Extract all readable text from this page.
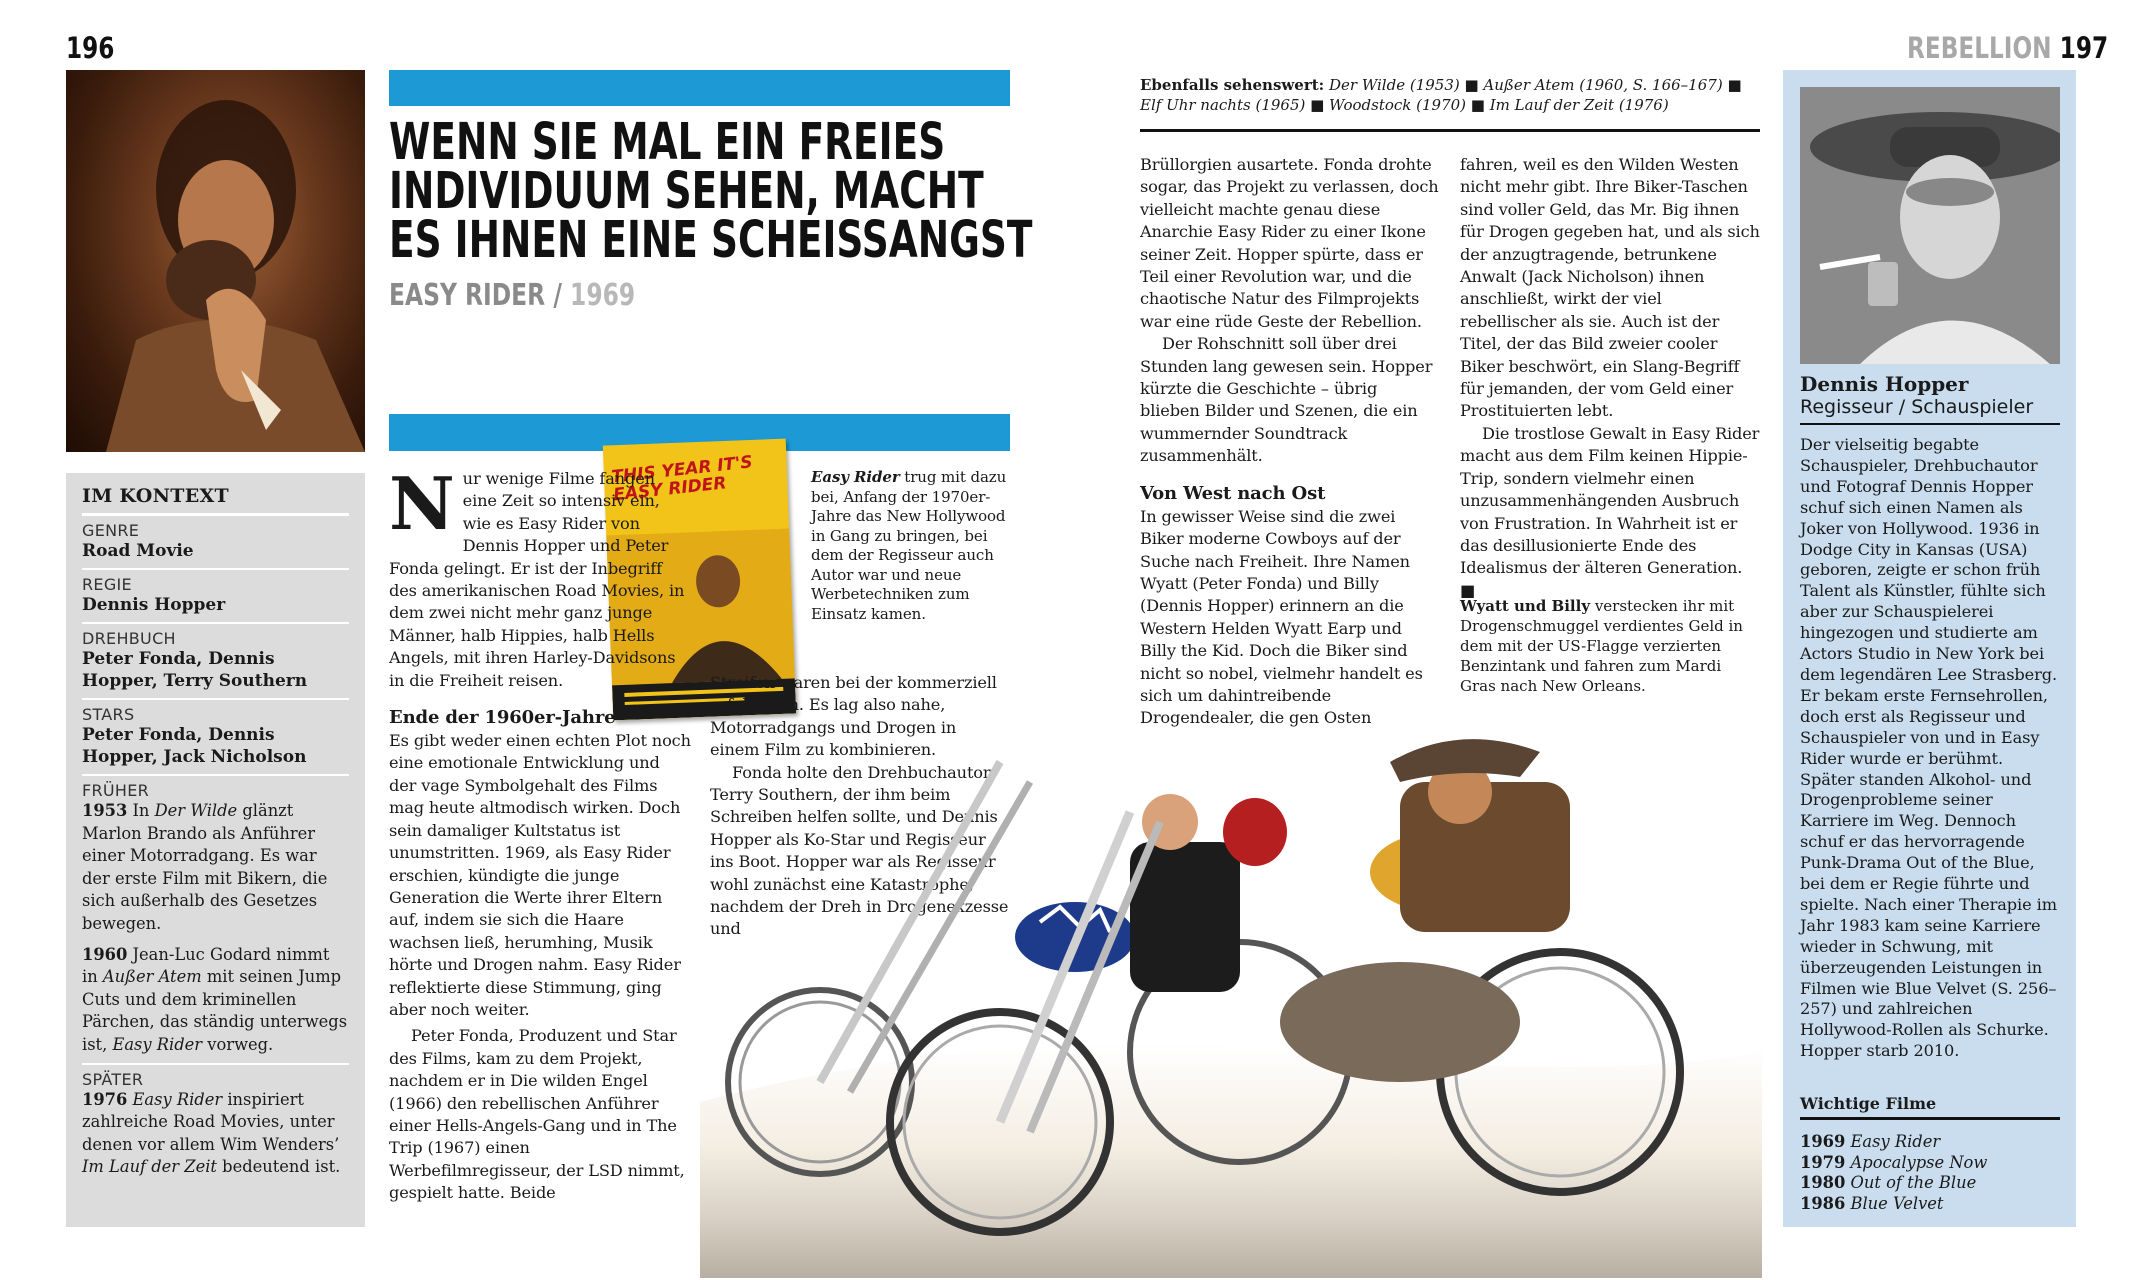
196
IM KONTEXT
GENRE
Road Movie
REGIE
Dennis Hopper
DREHBUCH
Peter Fonda, Dennis Hopper, Terry Southern
STARS
Peter Fonda, Dennis Hopper, Jack Nicholson
FRÜHER
1953 In Der Wilde glänzt Marlon Brando als Anführer einer Motorradgang. Es war der erste Film mit Bikern, die sich außerhalb des Gesetzes bewegen.
1960 Jean-Luc Godard nimmt in Außer Atem mit seinen Jump Cuts und dem kriminellen Pärchen, das ständig unterwegs ist, Easy Rider vorweg.
SPÄTER
1976 Easy Rider inspiriert zahlreiche Road Movies, unter denen vor allem Wim Wenders’ Im Lauf der Zeit bedeutend ist.
WENN SIE MAL EIN FREIES
INDIVIDUUM SEHEN, MACHT
ES IHNEN EINE SCHEISSANGST
EASY RIDER / 1969
THIS YEAR IT'S EASY RIDER	Easy Rider trug mit dazu bei, Anfang der 1970er-Jahre das New Hollywood in Gang zu bringen, bei dem der Regisseur auch Autor war und neue Werbetechniken zum Einsatz kamen.
N ur wenige Filme fangen eine Zeit so intensiv ein, wie es Easy Rider von Dennis Hopper und Peter Fonda gelingt. Er ist der Inbegriff des amerikanischen Road Movies, in dem zwei nicht mehr ganz junge Männer, halb Hippies, halb Hells Angels, mit ihren Harley-Davidsons in die Freiheit reisen.

Ende der 1960er-Jahre

Es gibt weder einen echten Plot noch eine emotionale Entwicklung und der vage Symbolgehalt des Films mag heute altmodisch wirken. Doch sein damaliger Kultstatus ist unumstritten. 1969, als Easy Rider erschien, kündigte die junge Generation die Werte ihrer Eltern auf, indem sie sich die Haare wachsen ließ, herumhing, Musik hörte und Drogen nahm. Easy Rider reflektierte diese Stimmung, ging aber noch weiter.

Peter Fonda, Produzent und Star des Films, kam zu dem Projekt, nachdem er in Die wilden Engel (1966) den rebellischen Anführer einer Hells-Angels-Gang und in The Trip (1967) einen Werbefilmregisseur, der LSD nimmt, gespielt hatte. Beide

Streifen waren bei der kommerziell erfolgreich. Es lag also nahe, Motorradgangs und Drogen in einem Film zu kombinieren.

Fonda holte den Drehbuchautor Terry Southern, der ihm beim Schreiben helfen sollte, und Dennis Hopper als Ko-Star und Regisseur ins Boot. Hopper war als Regisseur wohl zunächst eine Katastrophe, nachdem der Dreh in Drogenexzesse und

REBELLION 197
Ebenfalls sehenswert: Der Wilde (1953) ■ Außer Atem (1960, S. 166–167) ■ Elf Uhr nachts (1965) ■ Woodstock (1970) ■ Im Lauf der Zeit (1976)

Brüllorgien ausartete. Fonda drohte sogar, das Projekt zu verlassen, doch vielleicht machte genau diese Anarchie Easy Rider zu einer Ikone seiner Zeit. Hopper spürte, dass er Teil einer Revolution war, und die chaotische Natur des Filmprojekts war eine rüde Geste der Rebellion.

Der Rohschnitt soll über drei Stunden lang gewesen sein. Hopper kürzte die Geschichte – übrig blieben Bilder und Szenen, die ein wummernder Soundtrack zusammenhält.

Von West nach Ost

In gewisser Weise sind die zwei Biker moderne Cowboys auf der Suche nach Freiheit. Ihre Namen Wyatt (Peter Fonda) und Billy (Dennis Hopper) erinnern an die Western Helden Wyatt Earp und Billy the Kid. Doch die Biker sind nicht so nobel, vielmehr handelt es sich um dahintreibende Drogendealer, die gen Osten

fahren, weil es den Wilden Westen nicht mehr gibt. Ihre Biker-Taschen sind voller Geld, das Mr. Big ihnen für Drogen gegeben hat, und als sich der anzugtragende, betrunkene Anwalt (Jack Nicholson) ihnen anschließt, wirkt der viel rebellischer als sie. Auch ist der Titel, der das Bild zweier cooler Biker beschwört, ein Slang-Begriff für jemanden, der vom Geld einer Prostituierten lebt.

Die trostlose Gewalt in Easy Rider macht aus dem Film keinen Hippie-Trip, sondern vielmehr einen unzusammenhängenden Ausbruch von Frustration. In Wahrheit ist er das desillusionierte Ende des Idealismus der älteren Generation. ■

Wyatt und Billy verstecken ihr mit Drogenschmuggel verdientes Geld in dem mit der US-Flagge verzierten Benzintank und fahren zum Mardi Gras nach New Orleans.
Dennis Hopper
Regisseur / Schauspieler
Der vielseitig begabte Schauspieler, Drehbuchautor und Fotograf Dennis Hopper schuf sich einen Namen als Joker von Hollywood. 1936 in Dodge City in Kansas (USA) geboren, zeigte er schon früh Talent als Künstler, fühlte sich aber zur Schauspielerei hingezogen und studierte am Actors Studio in New York bei dem legendären Lee Strasberg. Er bekam erste Fernsehrollen, doch erst als Regisseur und Schauspieler von und in Easy Rider wurde er berühmt. Später standen Alkohol- und Drogenprobleme seiner Karriere im Weg. Dennoch schuf er das hervorragende Punk-Drama Out of the Blue, bei dem er Regie führte und spielte. Nach einer Therapie im Jahr 1983 kam seine Karriere wieder in Schwung, mit überzeugenden Leistungen in Filmen wie Blue Velvet (S. 256–257) und zahlreichen Hollywood-Rollen als Schurke. Hopper starb 2010.
Wichtige Filme
1969 Easy Rider
1979 Apocalypse Now
1980 Out of the Blue
1986 Blue Velvet
